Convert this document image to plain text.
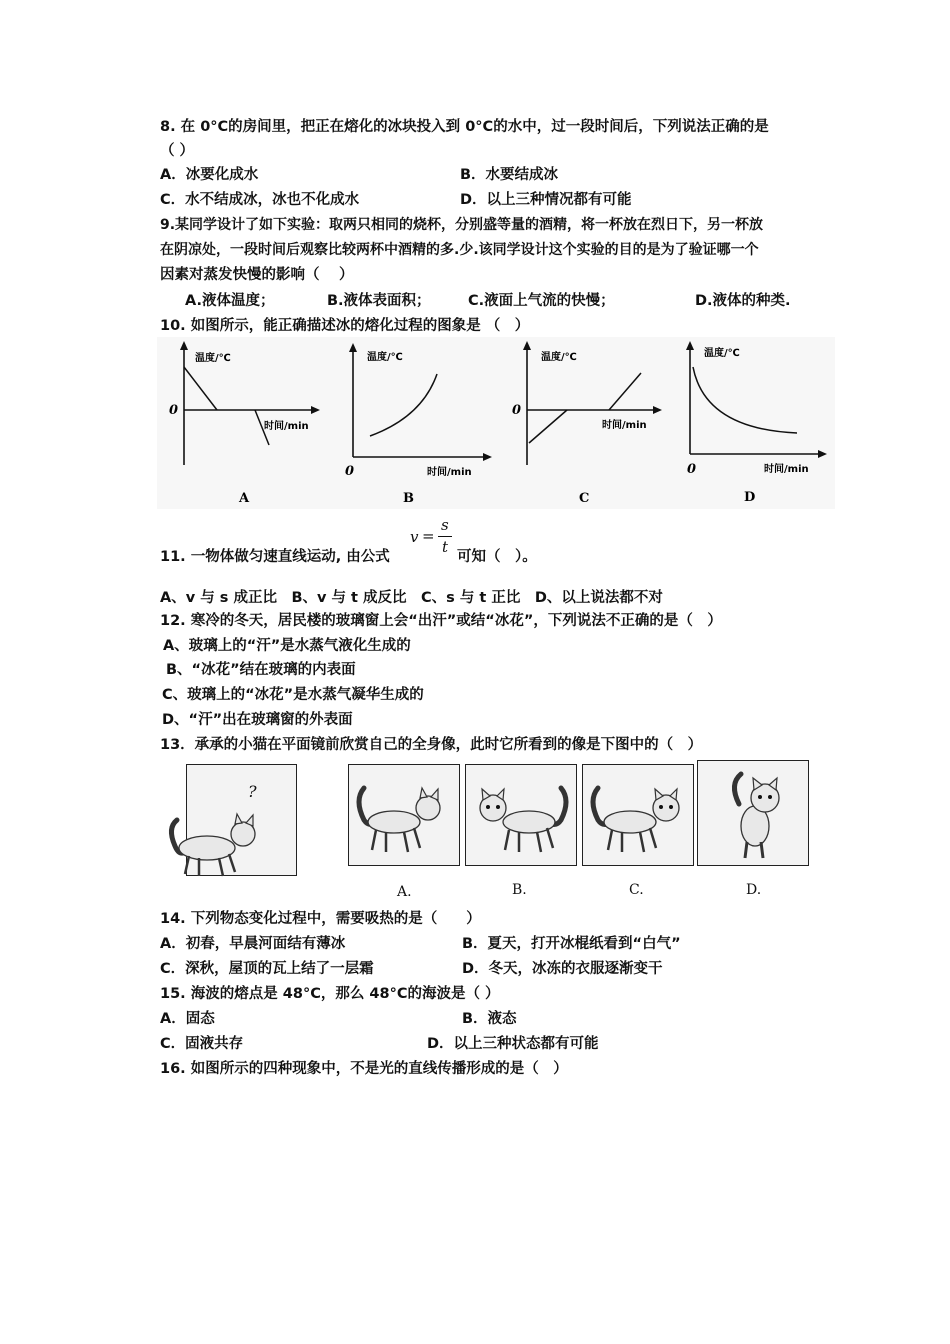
8. 在 0°C的房间里，把正在熔化的冰块投入到 0°C的水中，过一段时间后，下列说法正确的是
（ ）
A．冰要化成水	B．水要结成冰
C．水不结成冰，冰也不化成水	D．以上三种情况都有可能
9.某同学设计了如下实验：取两只相同的烧杯，分别盛等量的酒精，将一杯放在烈日下，另一杯放
在阴凉处，一段时间后观察比较两杯中酒精的多.少.该同学设计这个实验的目的是为了验证哪一个
因素对蒸发快慢的影响（　 ）
A.液体温度；	B.液体表面积；	C.液面上气流的快慢；	D.液体的种类.
10. 如图所示，能正确描述冰的熔化过程的图象是 （　）
温度/℃
时间/min
0
A
温度/℃
时间/min
0
B
温度/℃
时间/min
0
C
温度/℃
时间/min
0
D
11. 一物体做匀速直线运动, 由公式
v =
s
t
可知（　）。
A、v 与 s 成正比　B、v 与 t 成反比　C、s 与 t 正比　D、以上说法都不对
12. 寒冷的冬天，居民楼的玻璃窗上会“出汗”或结“冰花”，下列说法不正确的是（　）
A、玻璃上的“汗”是水蒸气液化生成的
B、“冰花”结在玻璃的内表面
C、玻璃上的“冰花”是水蒸气凝华生成的
D、“汗”出在玻璃窗的外表面
13．承承的小猫在平面镜前欣赏自己的全身像，此时它所看到的像是下图中的（　）
?
A.	B.	C.	D.
14. 下列物态变化过程中，需要吸热的是（　　）
A．初春，早晨河面结有薄冰	B．夏天，打开冰棍纸看到“白气”
C．深秋，屋顶的瓦上结了一层霜	D．冬天，冰冻的衣服逐渐变干
15. 海波的熔点是 48°C，那么 48°C的海波是（ ）
A．固态	B．液态
C．固液共存	D．以上三种状态都有可能
16. 如图所示的四种现象中，不是光的直线传播形成的是（　）
